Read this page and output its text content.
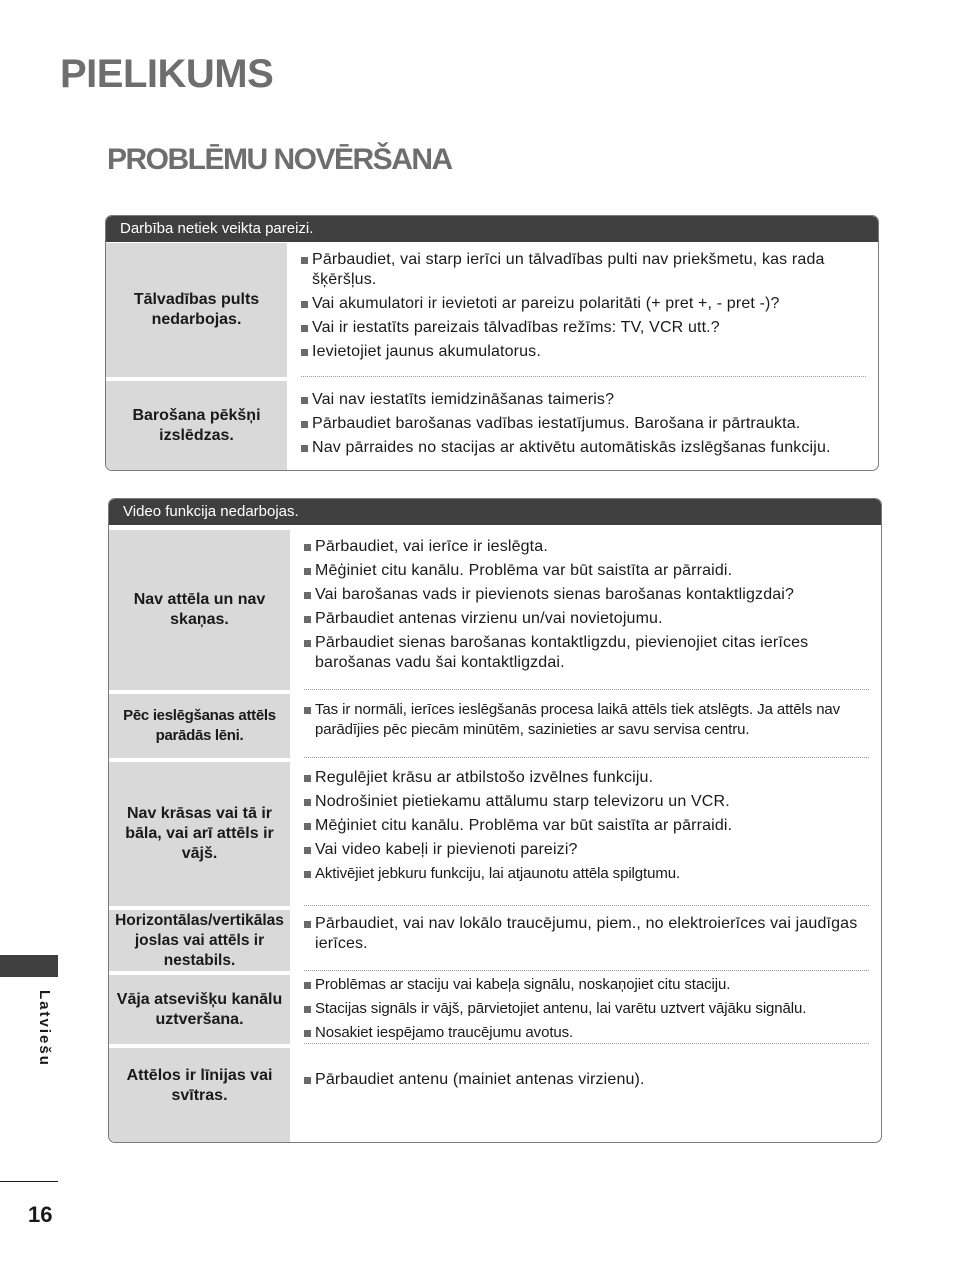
PIELIKUMS
PROBLĒMU NOVĒRŠANA
Darbība netiek veikta pareizi.
Tālvadības pults nedarbojas.
Pārbaudiet, vai starp ierīci un tālvadības pulti nav priekšmetu, kas rada šķēršļus.
Vai akumulatori ir ievietoti ar pareizu polaritāti (+ pret +, - pret -)?
Vai ir iestatīts pareizais tālvadības režīms: TV, VCR utt.?
Ievietojiet jaunus akumulatorus.
Barošana pēkšņi izslēdzas.
Vai nav iestatīts iemidzināšanas taimeris?
Pārbaudiet barošanas vadības iestatījumus. Barošana ir pārtraukta.
Nav pārraides no stacijas ar aktivētu automātiskās izslēgšanas funkciju.
Video funkcija nedarbojas.
Nav attēla un nav skaņas.
Pārbaudiet, vai ierīce ir ieslēgta.
Mēģiniet citu kanālu. Problēma var būt saistīta ar pārraidi.
Vai barošanas vads ir pievienots sienas barošanas kontaktligzdai?
Pārbaudiet antenas virzienu un/vai novietojumu.
Pārbaudiet sienas barošanas kontaktligzdu, pievienojiet citas ierīces barošanas vadu šai kontaktligzdai.
Pēc ieslēgšanas attēls parādās lēni.
Tas ir normāli, ierīces ieslēgšanās procesa laikā attēls tiek atslēgts. Ja attēls nav parādījies pēc piecām minūtēm, sazinieties ar savu servisa centru.
Nav krāsas vai tā ir bāla, vai arī attēls ir vājš.
Regulējiet krāsu ar atbilstošo izvēlnes funkciju.
Nodrošiniet pietiekamu attālumu starp televizoru un VCR.
Mēģiniet citu kanālu. Problēma var būt saistīta ar pārraidi.
Vai video kabeļi ir pievienoti pareizi?
Aktivējiet jebkuru funkciju, lai atjaunotu attēla spilgtumu.
Horizontālas/vertikālas joslas vai attēls ir nestabils.
Pārbaudiet, vai nav lokālo traucējumu, piem., no elektroierīces vai jaudīgas ierīces.
Vāja atsevišķu kanālu uztveršana.
Problēmas ar staciju vai kabeļa signālu, noskaņojiet citu staciju.
Stacijas signāls ir vājš, pārvietojiet antenu, lai varētu uztvert vājāku signālu.
Nosakiet iespējamo traucējumu avotus.
Attēlos ir līnijas vai svītras.
Pārbaudiet antenu (mainiet antenas virzienu).
Latviešu
16
